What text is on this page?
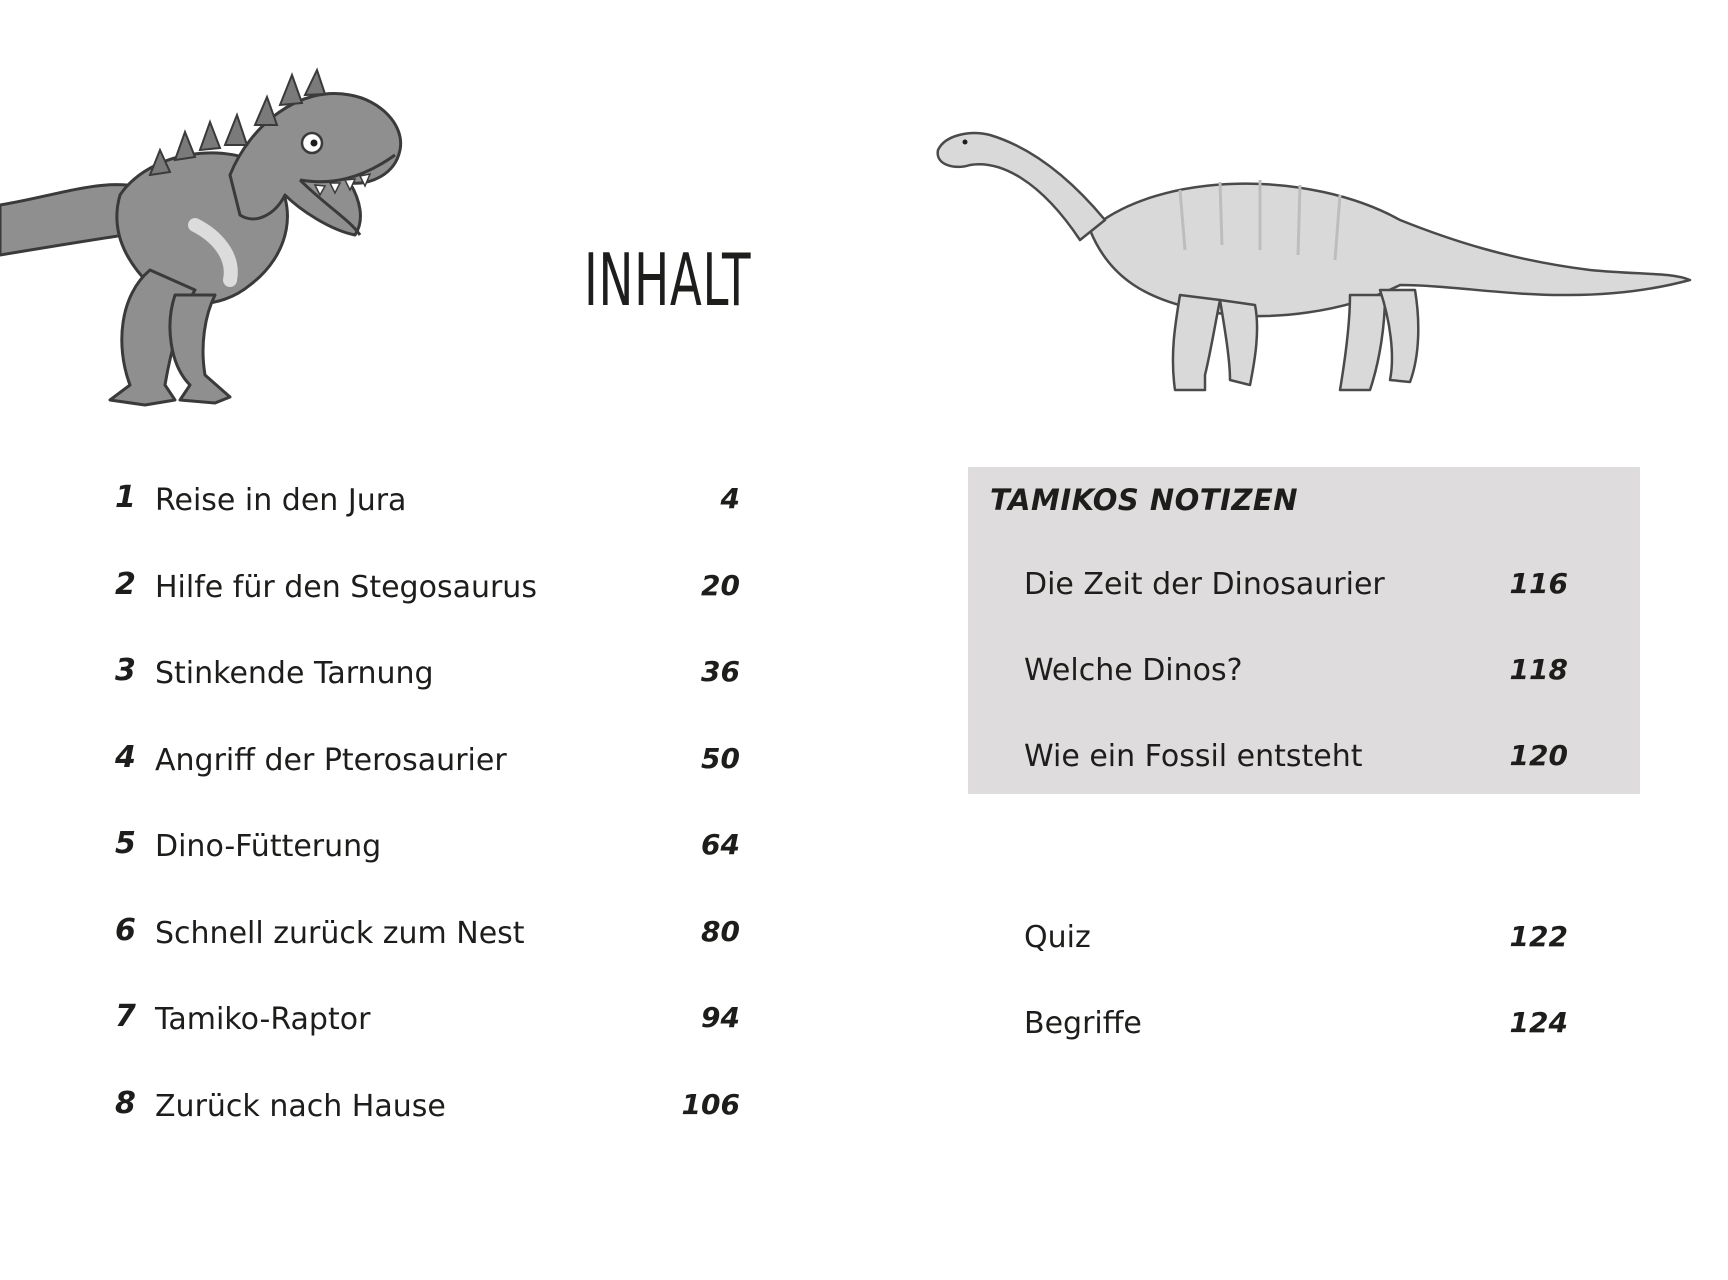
INHALT
1 Reise in den Jura	4
2 Hilfe für den Stegosaurus	20
3 Stinkende Tarnung	36
4 Angriff der Pterosaurier	50
5 Dino-Fütterung	64
6 Schnell zurück zum Nest	80
7 Tamiko-Raptor	94
8 Zurück nach Hause	106
TAMIKOS NOTIZEN
Die Zeit der Dinosaurier	116
Welche Dinos?	118
Wie ein Fossil entsteht	120
Quiz	122
Begriffe	124
